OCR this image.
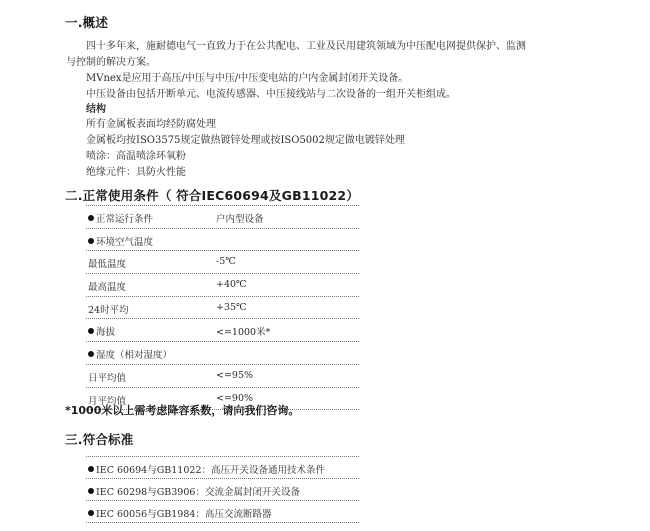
一.概述
四十多年来，施耐德电气一直致力于在公共配电、工业及民用建筑领域为中压配电网提供保护、监测
与控制的解决方案。
MVnex是应用于高压/中压与中压/中压变电站的户内金属封闭开关设备。
中压设备由包括开断单元、电流传感器、中压接线站与二次设备的一组开关柜组成。
结构
所有金属板表面均经防腐处理
金属板均按ISO3575规定做热镀锌处理或按ISO5002规定做电镀锌处理
喷涂：高温喷涂环氧粉
绝缘元件：具防火性能
二.正常使用条件（ 符合IEC60694及GB11022）
正常运行条件	户内型设备
环境空气温度
最低温度	-5℃
最高温度	+40℃
24时平均	+35℃
海拔	<=1000米*
湿度（相对湿度）
日平均值	<=95%
月平均值	<=90%
*1000米以上需考虑降容系数，请向我们咨询。
三.符合标准
IEC 60694与GB11022：高压开关设备通用技术条件
IEC 60298与GB3906：交流金属封闭开关设备
IEC 60056与GB1984：高压交流断路器
